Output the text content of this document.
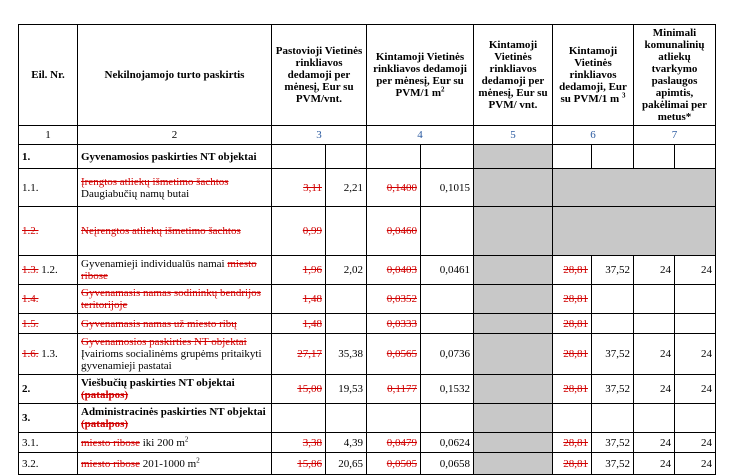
Eil. Nr.	Nekilnojamojo turto paskirtis	Pastovioji Vietinės rinkliavos dedamoji per mėnesį, Eur su PVM/vnt.		Kintamoji Vietinės rinkliavos dedamoji per mėnesį, Eur su PVM/1 $m^2$		Kintamoji Vietinės rinkliavos dedamoji per mėnesį, Eur su PVM/ vnt.	Kintamoji Vietinės rinkliavos dedamoji, Eur su PVM/1 m $^3$		Minimali komunalinių atliekų tvarkymo paslaugos apimtis, pakėlimai per metus*	
1	2	3		4		5	6		7	
1.	Gyvenamosios paskirties NT objektai									
1.1.	Įrengtos atliekų išmetimo šachtos Daugiabučių namų butai	3,11	2,21	0,1400	0,1015					
1.2.	Neįrengtos atliekų išmetimo šachtos	0,99		0,0460						
1.3. 1.2.	Gyvenamieji individualūs namai miesto ribose	1,96	2,02	0,0403	0,0461		28,81	37,52	24	24
1.4.	Gyvenamasis namas sodininkų bendrijos teritorijoje	1,48		0,0352			28,81			
1.5.	Gyvenamasis namas už miesto ribų	1,48		0,0333			28,81			
1.6. 1.3.	Gyvenamosios paskirties NT objektai Įvairioms socialinėms grupėms pritaikyti gyvenamieji pastatai	27,17	35,38	0,0565	0,0736		28,81	37,52	24	24
2.	Viešbučių paskirties NT objektai (patalpos)	15,00	19,53	0,1177	0,1532		28,81	37,52	24	24
3.	Administracinės paskirties NT objektai (patalpos)									
3.1.	miesto ribose iki 200 $m^2$	3,38	4,39	0,0479	0,0624		28,81	37,52	24	24
3.2.	miesto ribose 201-1000 $m^2$	15,86	20,65	0,0505	0,0658		28,81	37,52	24	24
